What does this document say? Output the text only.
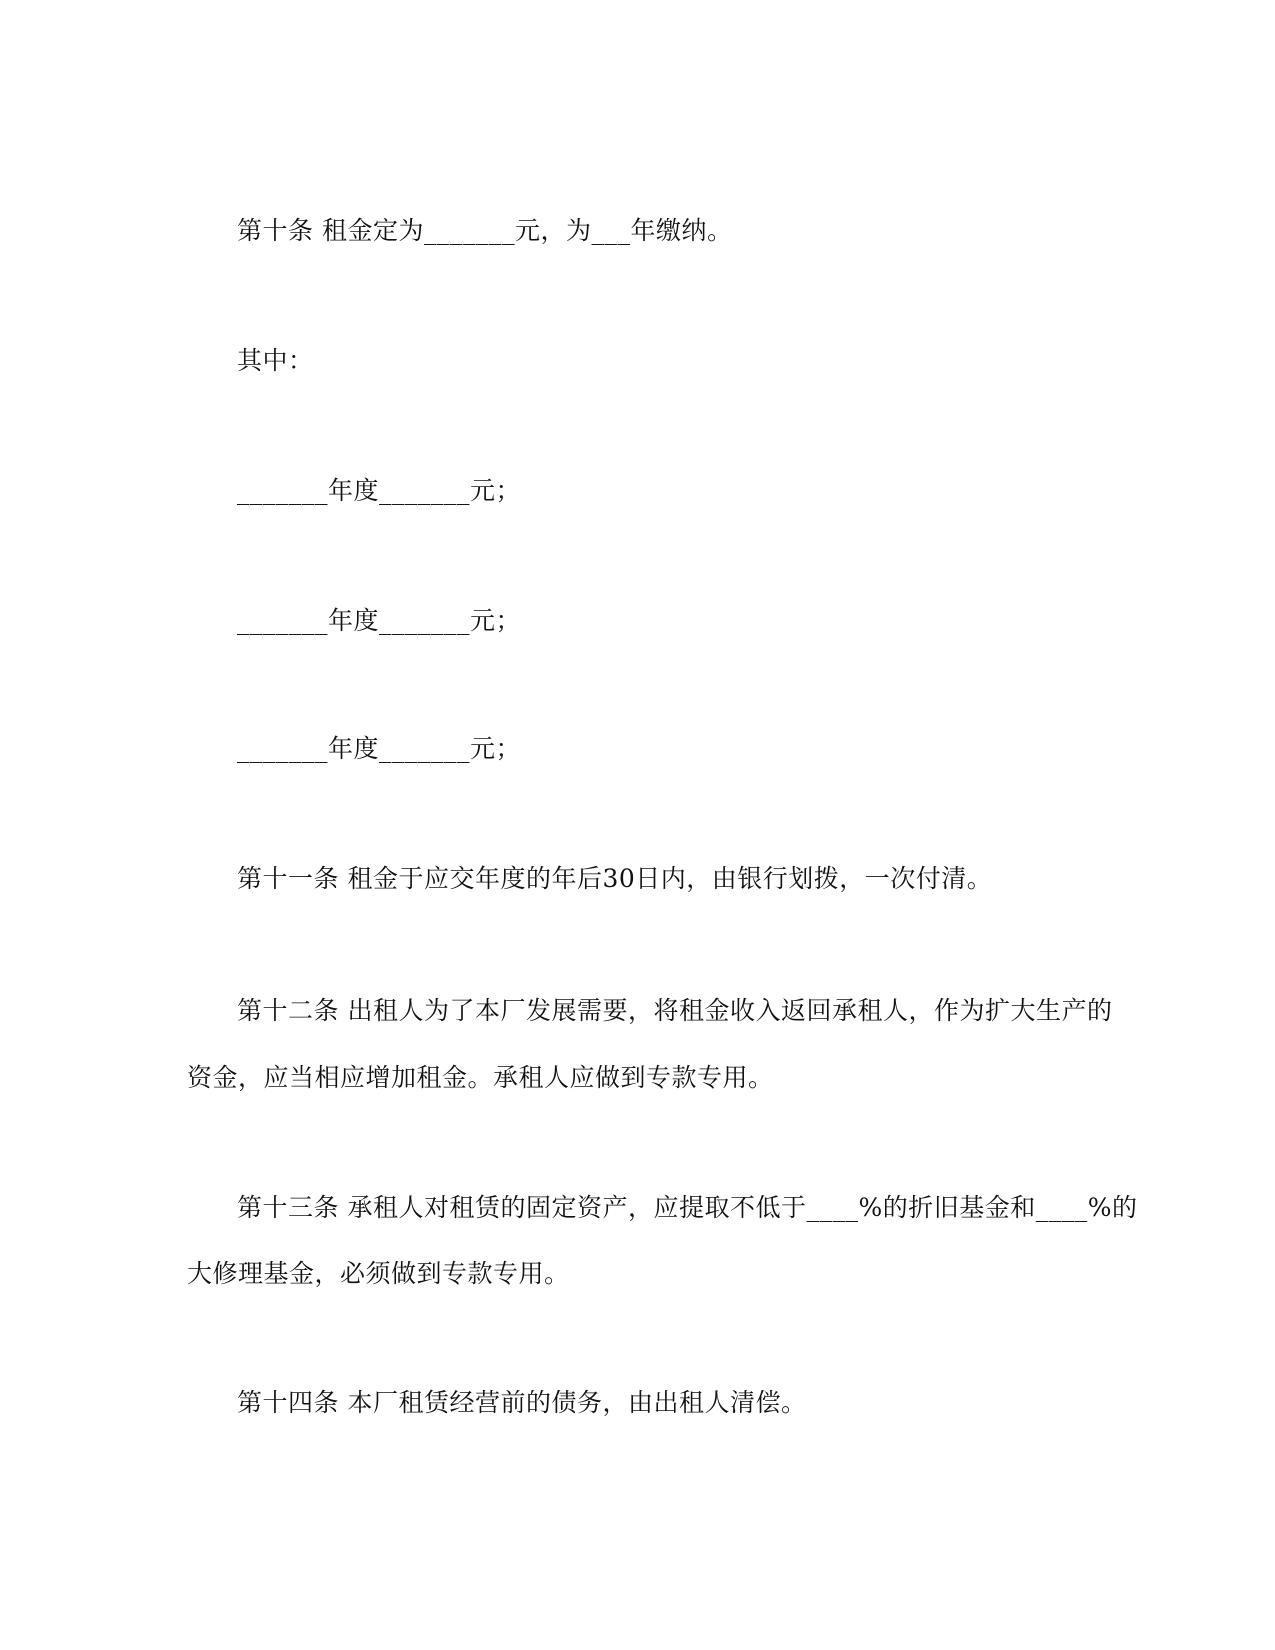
第十条 租金定为_______元，为___年缴纳。
其中：
_______年度_______元；
_______年度_______元；
_______年度_______元；
第十一条 租金于应交年度的年后30日内，由银行划拨，一次付清。
第十二条 出租人为了本厂发展需要，将租金收入返回承租人，作为扩大生产的
资金，应当相应增加租金。承租人应做到专款专用。
第十三条 承租人对租赁的固定资产，应提取不低于____%的折旧基金和____%的
大修理基金，必须做到专款专用。
第十四条 本厂租赁经营前的债务，由出租人清偿。
